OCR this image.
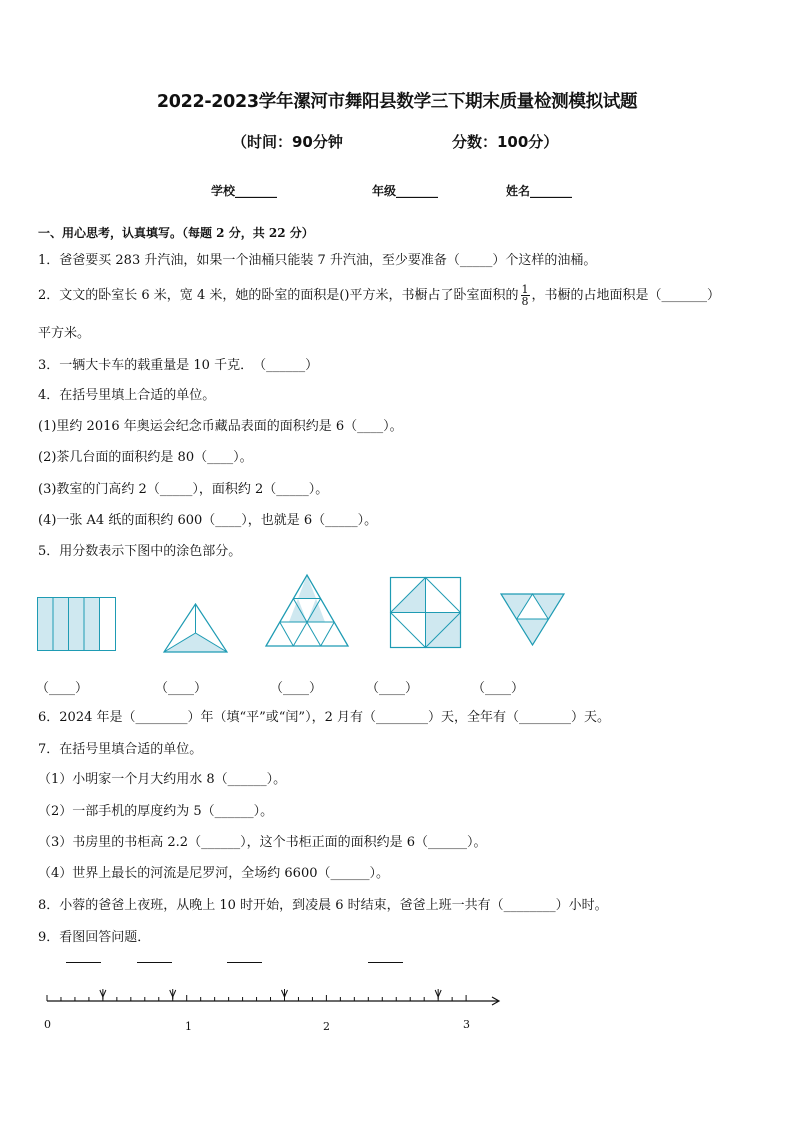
2022-2023学年漯河市舞阳县数学三下期末质量检测模拟试题
（时间：90分钟	分数：100分）
学校_______	年级_______	姓名_______
一、用心思考，认真填写。（每题 2 分，共 22 分）
1．爸爸要买 283 升汽油，如果一个油桶只能装 7 升汽油，至少要准备（_____）个这样的油桶。
2．文文的卧室长 6 米，宽 4 米，她的卧室的面积是()平方米，书橱占了卧室面积的 $\frac{1}{8}$ ，书橱的占地面积是（_______）
平方米。
3．一辆大卡车的载重量是 10 千克．　（______）
4．在括号里填上合适的单位。
(1)里约 2016 年奥运会纪念币藏品表面的面积约是 6（____）。
(2)茶几台面的面积约是 80（____）。
(3)教室的门高约 2（_____），面积约 2（_____）。
(4)一张 A4 纸的面积约 600（____），也就是 6（_____）。
5．用分数表示下图中的涂色部分。
（____）	（____）	（____）	（____）	（____）
6．2024 年是（________）年（填“平”或“闰”），2 月有（________）天，全年有（________）天。
7．在括号里填合适的单位。
（1）小明家一个月大约用水 8（______）。
（2）一部手机的厚度约为 5（______）。
（3）书房里的书柜高 2.2（______），这个书柜正面的面积约是 6（______）。
（4）世界上最长的河流是尼罗河，全场约 6600（______）。
8．小蓉的爸爸上夜班，从晚上 10 时开始，到凌晨 6 时结束，爸爸上班一共有（________）小时。
9．看图回答问题．
0	1	2	3
